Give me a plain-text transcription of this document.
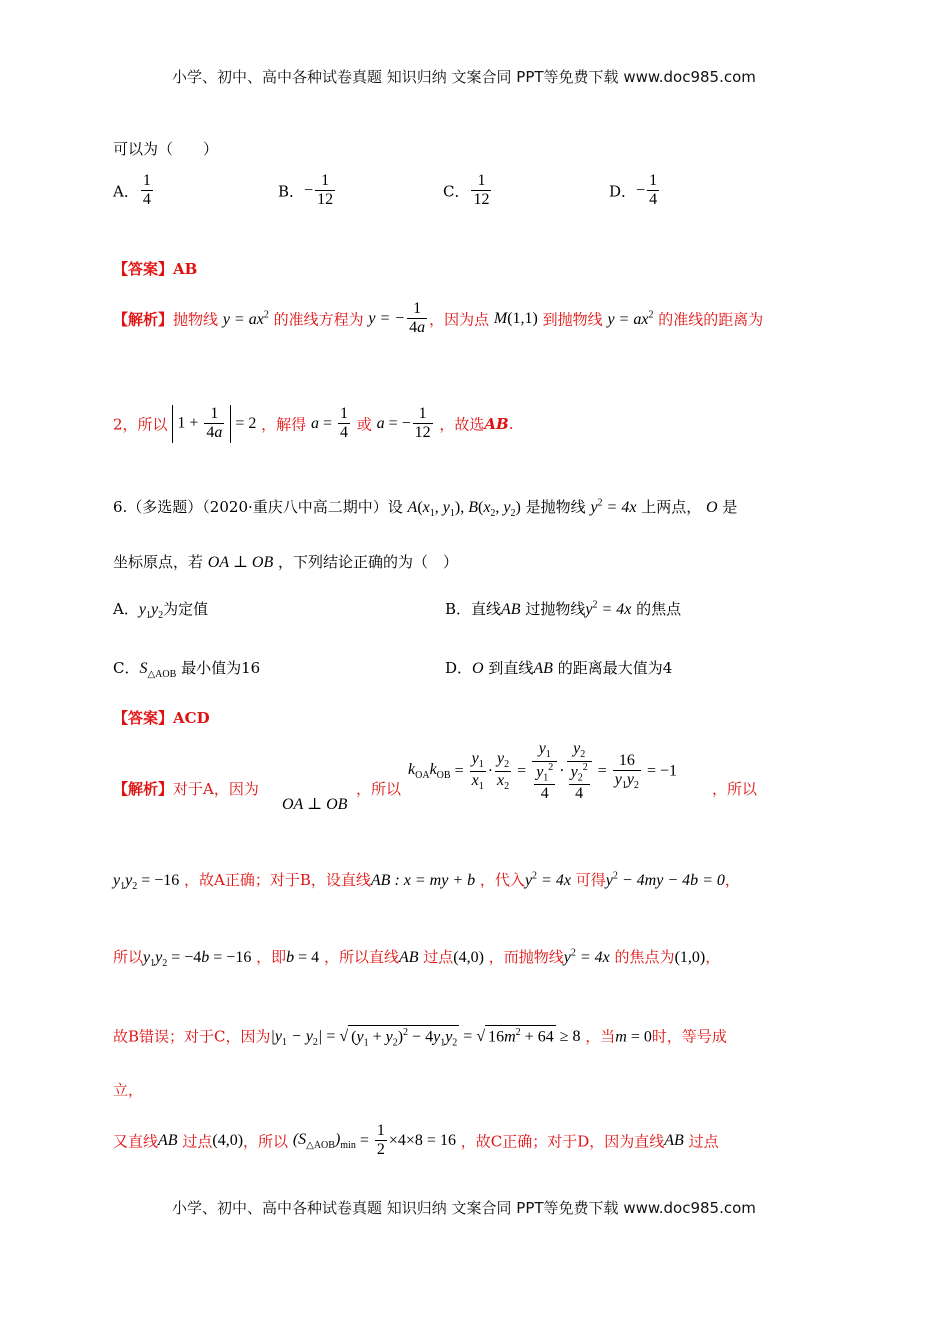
小学、初中、高中各种试卷真题 知识归纳 文案合同 PPT等免费下载 www.doc985.com
可以为（　　）
A． $\frac{1}{4}$	B．− $\frac{1}{12}$	C． $\frac{1}{12}$	D．− $\frac{1}{4}$
【答案】AB
【解析】抛物线 $y = ax^2$ 的准线方程为 y = − $\frac{1}{4a}$ ，因为点 M(1,1) 到抛物线 $y = ax^2$ 的准线的距离为
2，所以 $1 + \frac{1}{4a} = 2$ ，解得 $a = \frac{1}{4}$ 或 a = − $\frac{1}{12}$ ，故选AB.
6.（多选题）（2020·重庆八中高二期中）设 $A(x_1$, $y_1$), $B(x_2$, $y_2$) 是抛物线 $y^2 = 4x$ 上两点， O 是
坐标原点，若 OA ⊥ OB ，下列结论正确的为（　）
A．$y_1y_2$为定值	B．直线AB 过抛物线$y^2 = 4x$ 的焦点
C．$S_{\triangle AOB}$ 最小值为16	D．O 到直线AB 的距离最大值为4
【答案】ACD
【解析】对于A，因为
OA ⊥ OB
，所以
$k_{OA}k_{OB} = \frac{y_1}{x_1} \cdot \frac{y_2}{x_2} = \frac{y_1}{\frac{y_1^2}{4}} \cdot \frac{y_2}{\frac{y_2^2}{4}} = \frac{16}{y_1y_2} = -1$
，所以
$y_1y_2 = -16$ ，故A正确；对于B，设直线AB : x = my + b ，代入$y^2 = 4x$ 可得$y^2 - 4my - 4b = 0$，
所以$y_1y_2 = -4b = -16$ ，即b = 4 ，所以直线AB 过点(4,0) ，而抛物线$y^2 = 4x$ 的焦点为(1,0)，
故B错误；对于C，因为$|y_1 - y_2|$ = √ $(y_1 + y_2)^2 - 4y_1y_2$ = √ $16m^2 + 64 \ge 8$ ，当m = 0时，等号成
立，
又直线AB 过点(4,0)，所以 $(S_{\triangle AOB})_{min} = \frac{1}{2} \times 4\times 8 = 16$ ，故C正确；对于D，因为直线AB 过点
小学、初中、高中各种试卷真题 知识归纳 文案合同 PPT等免费下载 www.doc985.com
